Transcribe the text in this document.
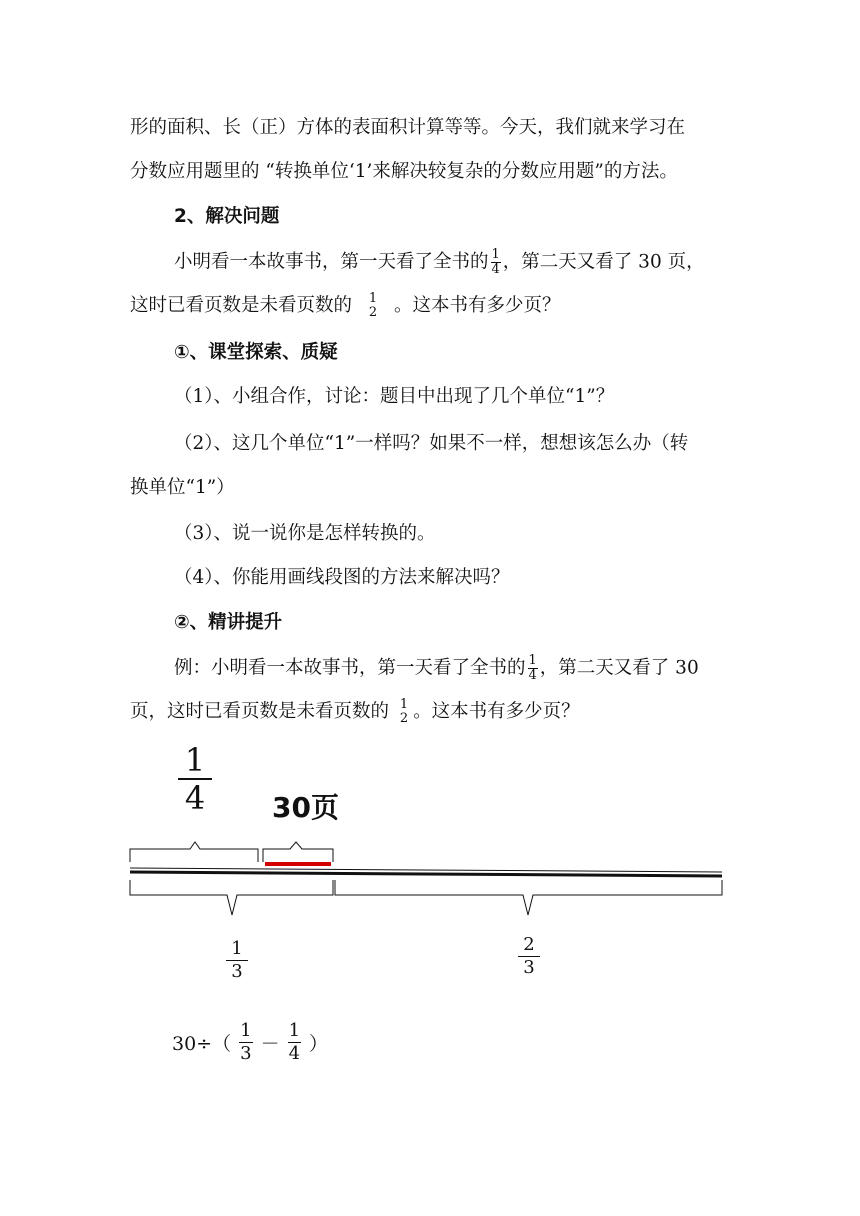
形的面积、长（正）方体的表面积计算等等。今天，我们就来学习在
分数应用题里的 “转换单位‘1’来解决较复杂的分数应用题”的方法。
2、解决问题
小明看一本故事书，第一天看了全书的 $\frac{1}{4}$ ，第二天又看了 30 页，
这时已看页数是未看页数的 1
2 。这本书有多少页？
①、课堂探索、质疑
（1）、小组合作，讨论：题目中出现了几个单位“1”？
（2）、这几个单位“1”一样吗？如果不一样，想想该怎么办（转
换单位“1”）
（3）、说一说你是怎样转换的。
（4）、你能用画线段图的方法来解决吗？
②、精讲提升
例：小明看一本故事书，第一天看了全书的 $\frac{1}{4}$ ，第二天又看了 30
页，这时已看页数是未看页数的 1
2 。这本书有多少页？
$\frac{1}{4} 30$页
$\frac{1}{3}$	$\frac{2}{3}$
$30\div( \frac{1}{3} - \frac{1}{4}$ ）
